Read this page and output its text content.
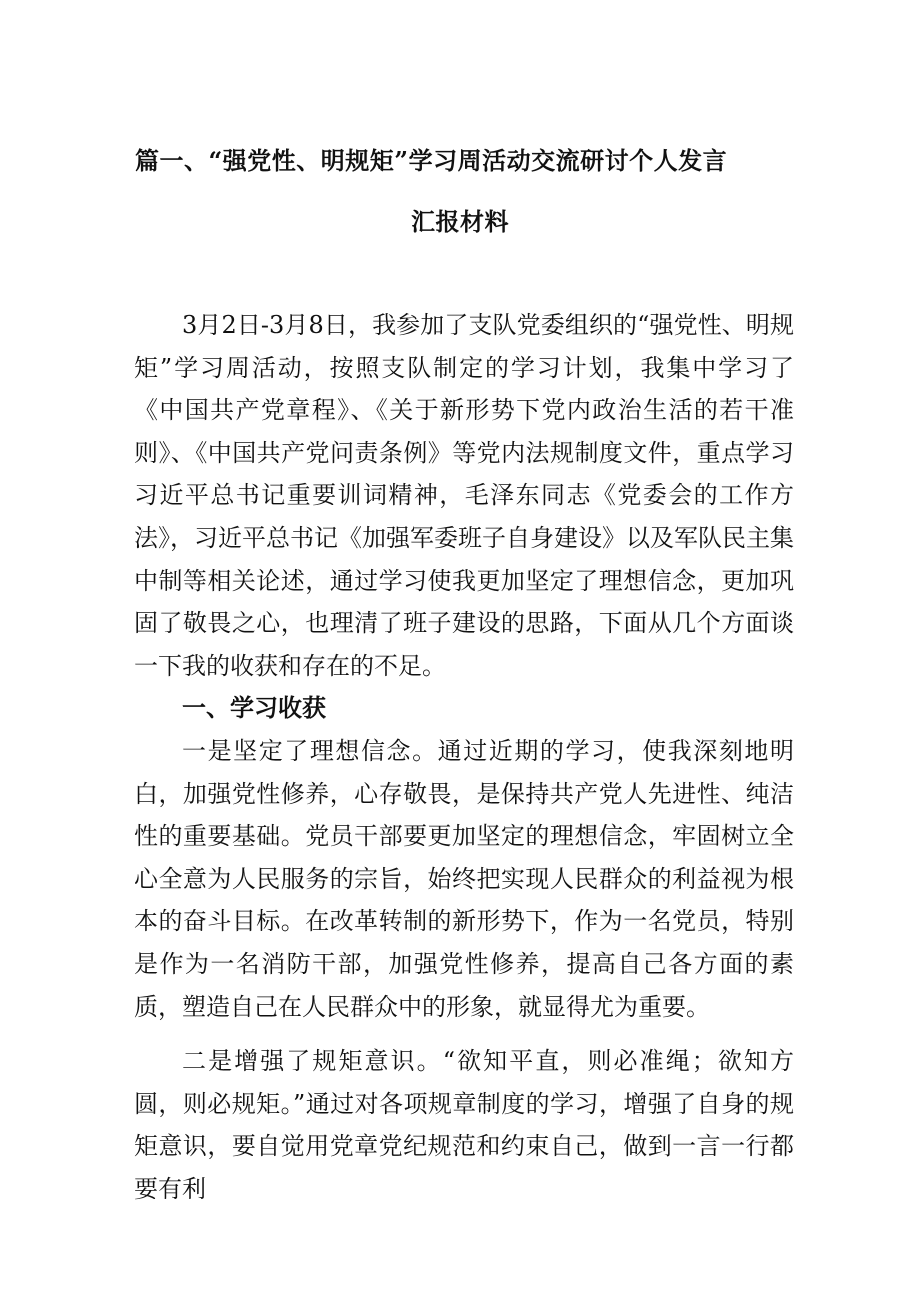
篇一、“强党性、明规矩”学习周活动交流研讨个人发言
汇报材料

3月2日-3月8日，我参加了支队党委组织的“强党性、明规矩”学习周活动，按照支队制定的学习计划，我集中学习了《中国共产党章程》、《关于新形势下党内政治生活的若干准则》、《中国共产党问责条例》等党内法规制度文件，重点学习习近平总书记重要训词精神，毛泽东同志《党委会的工作方法》，习近平总书记《加强军委班子自身建设》以及军队民主集中制等相关论述，通过学习使我更加坚定了理想信念，更加巩固了敬畏之心，也理清了班子建设的思路，下面从几个方面谈一下我的收获和存在的不足。

一、学习收获

一是坚定了理想信念。通过近期的学习，使我深刻地明白，加强党性修养，心存敬畏，是保持共产党人先进性、纯洁性的重要基础。党员干部要更加坚定的理想信念，牢固树立全心全意为人民服务的宗旨，始终把实现人民群众的利益视为根本的奋斗目标。在改革转制的新形势下，作为一名党员，特别是作为一名消防干部，加强党性修养，提高自己各方面的素质，塑造自己在人民群众中的形象，就显得尤为重要。

二是增强了规矩意识。“欲知平直，则必准绳；欲知方圆，则必规矩。”通过对各项规章制度的学习，增强了自身的规矩意识，要自觉用党章党纪规范和约束自己，做到一言一行都要有利
